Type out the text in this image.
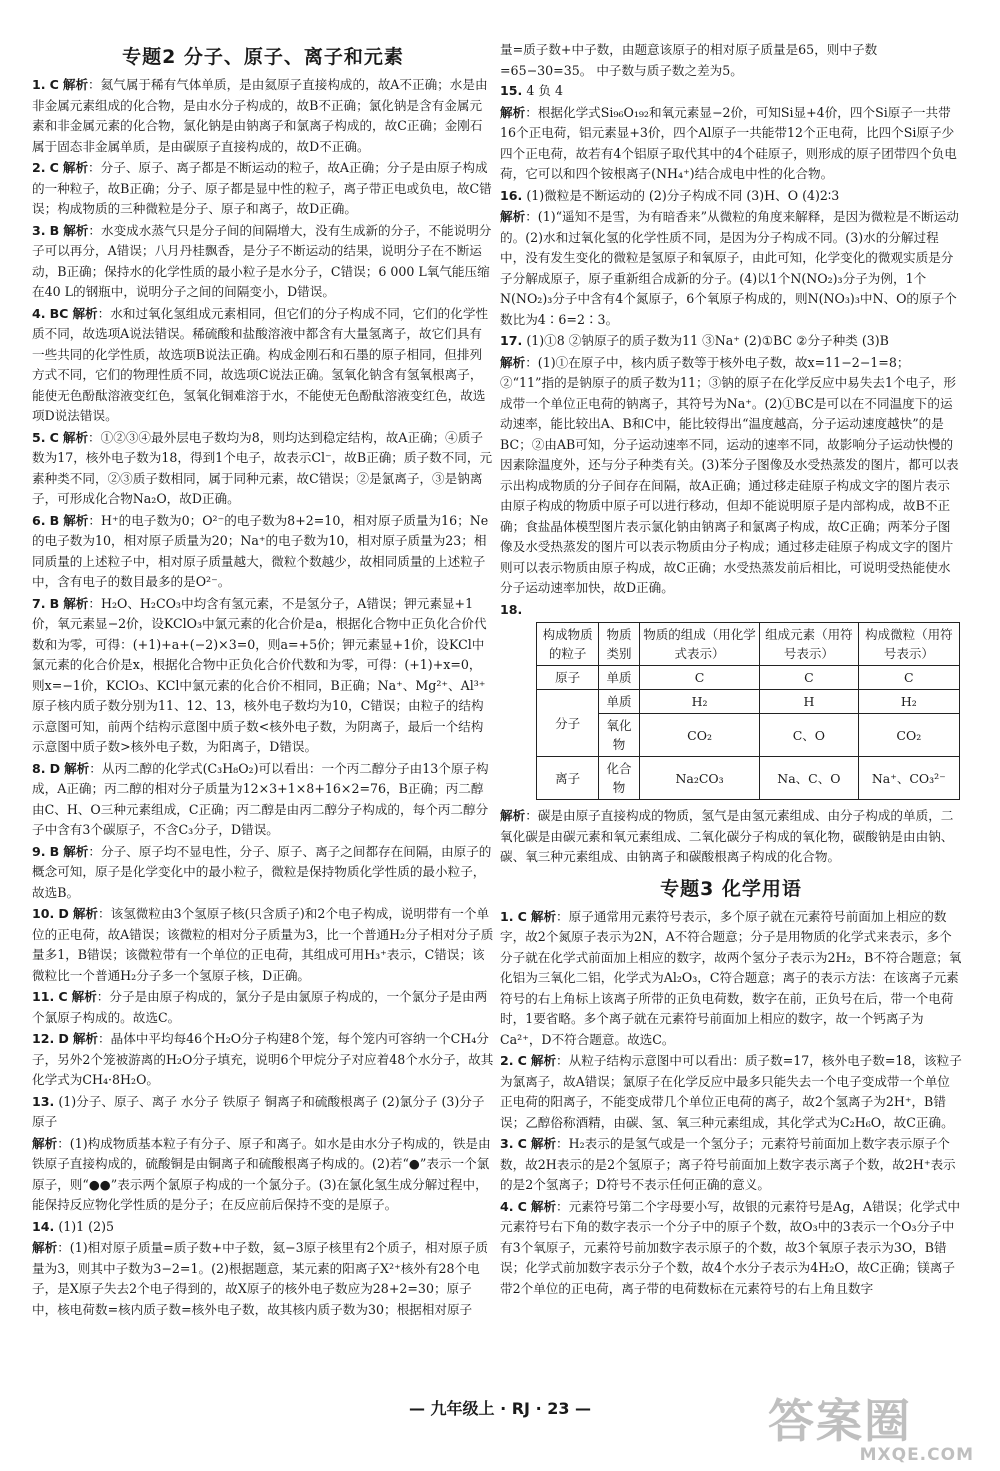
专题2 分子、原子、离子和元素
1. C 解析：氦气属于稀有气体单质，是由氦原子直接构成的，故A不正确；水是由非金属元素组成的化合物，是由水分子构成的，故B不正确；氯化钠是含有金属元素和非金属元素的化合物，氯化钠是由钠离子和氯离子构成的，故C正确；金刚石属于固态非金属单质，是由碳原子直接构成的，故D不正确。
2. C 解析：分子、原子、离子都是不断运动的粒子，故A正确；分子是由原子构成的一种粒子，故B正确；分子、原子都是显中性的粒子，离子带正电或负电，故C错误；构成物质的三种微粒是分子、原子和离子，故D正确。
3. B 解析：水变成水蒸气只是分子间的间隔增大，没有生成新的分子，不能说明分子可以再分，A错误；八月丹桂飘香，是分子不断运动的结果，说明分子在不断运动，B正确；保持水的化学性质的最小粒子是水分子，C错误；6 000 L氧气能压缩在40 L的钢瓶中，说明分子之间的间隔变小，D错误。
4. BC 解析：水和过氧化氢组成元素相同，但它们的分子构成不同，它们的化学性质不同，故选项A说法错误。稀硫酸和盐酸溶液中都含有大量氢离子，故它们具有一些共同的化学性质，故选项B说法正确。构成金刚石和石墨的原子相同，但排列方式不同，它们的物理性质不同，故选项C说法正确。氢氧化钠含有氢氧根离子，能使无色酚酞溶液变红色，氢氧化铜难溶于水，不能使无色酚酞溶液变红色，故选项D说法错误。
5. C 解析：①②③④最外层电子数均为8，则均达到稳定结构，故A正确；④质子数为17，核外电子数为18，得到1个电子，故表示Cl⁻，故B正确；质子数不同，元素种类不同，②③质子数相同，属于同种元素，故C错误；②是氯离子，③是钠离子，可形成化合物Na₂O，故D正确。
6. B 解析：H⁺的电子数为0；O²⁻的电子数为8+2=10，相对原子质量为16；Ne的电子数为10，相对原子质量为20；Na⁺的电子数为10，相对原子质量为23；相同质量的上述粒子中，相对原子质量越大，微粒个数越少，故相同质量的上述粒子中，含有电子的数目最多的是O²⁻。
7. B 解析：H₂O、H₂CO₃中均含有氢元素，不是氢分子，A错误；钾元素显+1价，氧元素显−2价，设KClO₃中氯元素的化合价是a，根据化合物中正负化合价代数和为零，可得：(+1)+a+(−2)×3=0，则a=+5价；钾元素显+1价，设KCl中氯元素的化合价是x，根据化合物中正负化合价代数和为零，可得：(+1)+x=0，则x=−1价，KClO₃、KCl中氯元素的化合价不相同，B正确；Na⁺、Mg²⁺、Al³⁺原子核内质子数分别为11、12、13，核外电子数均为10，C错误；由粒子的结构示意图可知，前两个结构示意图中质子数<核外电子数，为阴离子，最后一个结构示意图中质子数>核外电子数，为阳离子，D错误。
8. D 解析：从丙二醇的化学式(C₃H₈O₂)可以看出：一个丙二醇分子由13个原子构成，A正确；丙二醇的相对分子质量为12×3+1×8+16×2=76，B正确；丙二醇由C、H、O三种元素组成，C正确；丙二醇是由丙二醇分子构成的，每个丙二醇分子中含有3个碳原子，不含C₃分子，D错误。
9. B 解析：分子、原子均不显电性，分子、原子、离子之间都存在间隔，由原子的概念可知，原子是化学变化中的最小粒子，微粒是保持物质化学性质的最小粒子，故选B。
10. D 解析：该氢微粒由3个氢原子核(只含质子)和2个电子构成，说明带有一个单位的正电荷，故A错误；该微粒的相对分子质量为3，比一个普通H₂分子相对分子质量多1，B错误；该微粒带有一个单位的正电荷，其组成可用H₃⁺表示，C错误；该微粒比一个普通H₂分子多一个氢原子核，D正确。
11. C 解析：分子是由原子构成的，氯分子是由氯原子构成的，一个氯分子是由两个氯原子构成的。故选C。
12. D 解析：晶体中平均每46个H₂O分子构建8个笼，每个笼内可容纳一个CH₄分子，另外2个笼被游离的H₂O分子填充，说明6个甲烷分子对应着48个水分子，故其化学式为CH₄·8H₂O。
13. (1)分子、原子、离子 水分子 铁原子 铜离子和硫酸根离子 (2)氯分子 (3)分子 原子
解析：(1)构成物质基本粒子有分子、原子和离子。如水是由水分子构成的，铁是由铁原子直接构成的，硫酸铜是由铜离子和硫酸根离子构成的。(2)若“●”表示一个氯原子，则“●●”表示两个氯原子构成的一个氯分子。(3)在氯化氢生成分解过程中，能保持反应物化学性质的是分子；在反应前后保持不变的是原子。
14. (1)1 (2)5
解析：(1)相对原子质量=质子数+中子数，氦−3原子核里有2个质子，相对原子质量为3，则其中子数为3−2=1。(2)根据题意，某元素的阳离子X²⁺核外有28个电子，是X原子失去2个电子得到的，故X原子的核外电子数应为28+2=30；原子中，核电荷数=核内质子数=核外电子数，故其核内质子数为30；根据相对原子
量=质子数+中子数，由题意该原子的相对原子质量是65，则中子数=65−30=35。 中子数与质子数之差为5。
15. 4 负 4
解析：根据化学式Si₉₆O₁₉₂和氧元素显−2价，可知Si显+4价，四个Si原子一共带16个正电荷，铝元素显+3价，四个Al原子一共能带12个正电荷，比四个Si原子少四个正电荷，故若有4个铝原子取代其中的4个硅原子，则形成的原子团带四个负电荷，它可以和四个铵根离子(NH₄⁺)结合成电中性的化合物。
16. (1)微粒是不断运动的 (2)分子构成不同 (3)H、O (4)2∶3
解析：(1)“遥知不是雪，为有暗香来”从微粒的角度来解释，是因为微粒是不断运动的。(2)水和过氧化氢的化学性质不同，是因为分子构成不同。(3)水的分解过程中，没有发生变化的微粒是氢原子和氧原子，由此可知，化学变化的微观实质是分子分解成原子，原子重新组合成新的分子。(4)以1个N(NO₂)₃分子为例，1个N(NO₂)₃分子中含有4个氮原子，6个氧原子构成的，则N(NO₃)₃中N、O的原子个数比为4∶6=2∶3。
17. (1)①8 ②钠原子的质子数为11 ③Na⁺ (2)①BC ②分子种类 (3)B
解析：(1)①在原子中，核内质子数等于核外电子数，故x=11−2−1=8；②“11”指的是钠原子的质子数为11；③钠的原子在化学反应中易失去1个电子，形成带一个单位正电荷的钠离子，其符号为Na⁺。(2)①BC是可以在不同温度下的运动速率，能比较出A、B和C中，能比较得出“温度越高，分子运动速度越快”的是BC；②由AB可知，分子运动速率不同，运动的速率不同，故影响分子运动快慢的因素除温度外，还与分子种类有关。(3)苯分子图像及水受热蒸发的图片，都可以表示出构成物质的分子间存在间隔，故A正确；通过移走硅原子构成文字的图片表示由原子构成的物质中原子可以进行移动，但却不能说明原子是内部构成，故B不正确；食盐晶体模型图片表示氯化钠由钠离子和氯离子构成，故C正确；两苯分子图像及水受热蒸发的图片可以表示物质由分子构成；通过移走硅原子构成文字的图片则可以表示物质由原子构成，故C正确；水受热蒸发前后相比，可说明受热能使水分子运动速率加快，故D正确。
18.
构成物质的粒子	物质类别	物质的组成（用化学式表示）	组成元素（用符号表示）	构成微粒（用符号表示）
原子	单质	C	C	C
分子	单质	H₂	H	H₂
	氧化物	CO₂	C、O	CO₂
离子	化合物	Na₂CO₃	Na、C、O	Na⁺、CO₃²⁻
解析：碳是由原子直接构成的物质，氢气是由氢元素组成、由分子构成的单质，二氧化碳是由碳元素和氧元素组成、二氧化碳分子构成的氧化物，碳酸钠是由由钠、碳、氧三种元素组成、由钠离子和碳酸根离子构成的化合物。
专题3 化学用语
1. C 解析：原子通常用元素符号表示，多个原子就在元素符号前面加上相应的数字，故2个氮原子表示为2N，A不符合题意；分子是用物质的化学式来表示，多个分子就在化学式前面加上相应的数字，故两个氢分子表示为2H₂，B不符合题意；氧化铝为三氧化二铝，化学式为Al₂O₃，C符合题意；离子的表示方法：在该离子元素符号的右上角标上该离子所带的正负电荷数，数字在前，正负号在后，带一个电荷时，1要省略。多个离子就在元素符号前面加上相应的数字，故一个钙离子为Ca²⁺，D不符合题意。故选C。
2. C 解析：从粒子结构示意图中可以看出：质子数=17，核外电子数=18，该粒子为氯离子，故A错误；氯原子在化学反应中最多只能失去一个电子变成带一个单位正电荷的阳离子，不能变成带几个单位正电荷的离子，故2个氢离子为2H⁺，B错误；乙醇俗称酒精，由碳、氢、氧三种元素组成，其化学式为C₂H₆O，故C正确。
3. C 解析：H₂表示的是氢气或是一个氢分子；元素符号前面加上数字表示原子个数，故2H表示的是2个氢原子；离子符号前面加上数字表示离子个数，故2H⁺表示的是2个氢离子；D符号不表示任何正确的意义。
4. C 解析：元素符号第二个字母要小写，故银的元素符号是Ag，A错误；化学式中元素符号右下角的数字表示一个分子中的原子个数，故O₃中的3表示一个O₃分子中有3个氧原子，元素符号前加数字表示原子的个数，故3个氧原子表示为3O，B错误；化学式前加数字表示分子个数，故4个水分子表示为4H₂O，故C正确；镁离子带2个单位的正电荷，离子带的电荷数标在元素符号的右上角且数字
— 九年级上 · RJ · 23 —	答案圈
MXQE.COM
